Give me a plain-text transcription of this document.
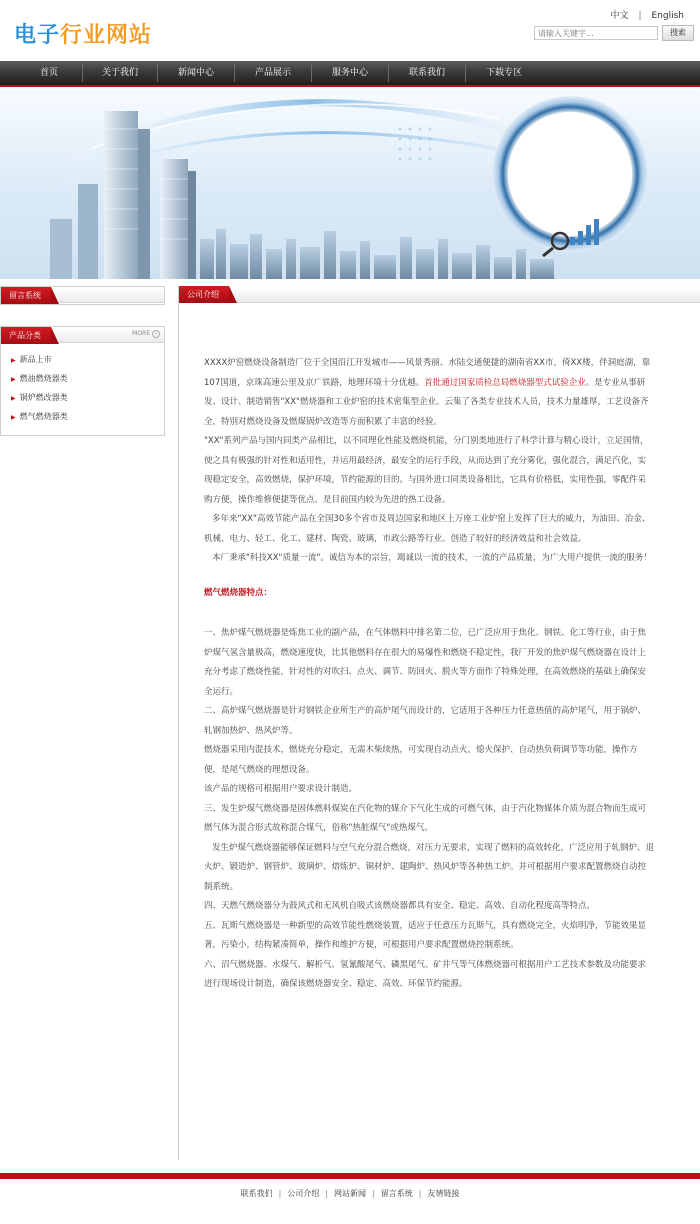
电子行业网站
中文 | English
请输入关键字...
搜索
首页	关于我们	新闻中心	产品展示	服务中心	联系我们	下载专区
留言系统
产品分类	MORE ›
▶ 新品上市
▶ 燃油燃烧器类
▶ 锅炉燃改器类
▶ 燃气燃烧器类
公司介绍

XXXX炉窑燃烧设备制造厂位于全国沿江开发城市——风景秀丽、水陆交通便捷的湖南省XX市，倚XX楼，伴洞庭湖，靠107国道，京珠高速公里及京广铁路，地理环境十分优越。首批通过国家质检总局燃烧器型式试验企业。是专业从事研发、设计、制造销售"XX"燃烧器和工业炉窑的技术密集型企业。云集了各类专业技术人员，技术力量雄厚，工艺设备齐全，特别对燃烧设备及燃煤锅炉改造等方面积累了丰富的经验。

"XX"系列产品与国内同类产品相比，以不同理化性能及燃烧机能，分门别类地进行了科学计算与精心设计，立足国情，使之具有极强的针对性和适用性，并运用最经济，最安全的运行手段，从而达到了充分雾化，强化混合，满足汽化，实现稳定安全，高效燃烧，保护环境，节约能源的目的。与国外进口同类设备相比，它具有价格低，实用性强，零配件采购方便，操作维修便捷等优点。是目前国内较为先进的热工设备。

多年来"XX"高效节能产品在全国30多个省市及周边国家和地区上万座工业炉窑上发挥了巨大的威力，为油田、冶金、机械、电力、轻工、化工、建材、陶瓷、玻璃，市政公路等行业。创造了较好的经济效益和社会效益。

本厂秉承"科技XX"质量一流"。诚信为本的宗旨，竭诚以一流的技术，一流的产品质量，为广大用户提供一流的服务！

燃气燃烧器特点：

一、焦炉煤气燃烧器是炼焦工业的副产品，在气体燃料中排名第二位，已广泛应用于焦化、钢铁、化工等行业，由于焦炉煤气氢含量极高，燃烧速度快，比其他燃料存在很大的易爆性和燃烧不稳定性，我厂开发的焦炉煤气燃烧器在设计上充分考虑了燃烧性能，针对性的对吹扫、点火、调节、防回火、脱火等方面作了特殊处理，在高效燃烧的基础上确保安全运行。

二、高炉煤气燃烧器是针对钢铁企业所生产的高炉尾气而设计的，它适用于各种压力任意热值的高炉尾气，用于锅炉、轧钢加热炉、热风炉等。

燃烧器采用内混技术，燃烧充分稳定，无需木柴续热，可实现自动点火，熄火保护、自动热负荷调节等功能，操作方便，是尾气燃烧的理想设备。

该产品的规格可根据用户要求设计制造。

三、发生炉煤气燃烧器是固体燃料煤炭在汽化物的媒介下气化生成的可燃气体，由于汽化物媒体介质为混合物而生成可燃气体为混合形式故称混合煤气，俗称"热脏煤气"或热煤气。

发生炉煤气燃烧器能够保证燃料与空气充分混合燃烧，对压力无要求，实现了燃料的高效转化，广泛应用于轧钢炉、退火炉、锻造炉、钢管炉、玻璃炉、熔炼炉、铜材炉、建陶炉、热风炉等各种热工炉。并可根据用户要求配置燃烧自动控制系统。

四、天燃气燃烧器分为鼓风式和无风机自吸式该燃烧器都具有安全、稳定、高效、自动化程度高等特点。

五、瓦斯气燃烧器是一种新型的高效节能性燃烧装置，适应于任意压力瓦斯气，具有燃烧完全，火焰明净，节能效果显著，污染小，结构紧凑简单，操作和维护方便，可根据用户要求配置燃烧控制系统。

六、沼气燃烧器、水煤气、解析气、氢氰酸尾气、磷黑尾气、矿井气等气体燃烧器可根据用户工艺技术参数及功能要求进行现场设计制造，确保该燃烧器安全、稳定、高效、环保节约能源。

联系我们 | 公司介绍 | 网站新闻 | 留言系统 | 友情链接
